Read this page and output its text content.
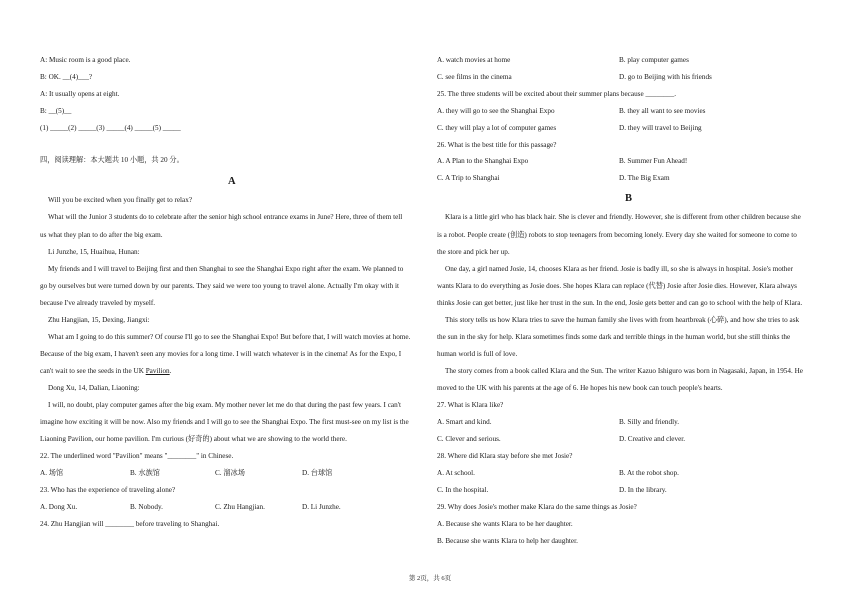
A: Music room is a good place.
B: OK. __(4)___?
A: It usually opens at eight.
B: __(5)__
(1) _____(2) _____(3) _____(4) _____(5) _____
四，阅读理解：本大题共 10 小题，共 20 分。
A
Will you be excited when you finally get to relax?
What will the Junior 3 students do to celebrate after the senior high school entrance exams in June? Here, three of them tell
us what they plan to do after the big exam.
Li Junzhe, 15, Huaihua, Hunan:
My friends and I will travel to Beijing first and then Shanghai to see the Shanghai Expo right after the exam. We planned to
go by ourselves but were turned down by our parents. They said we were too young to travel alone. Actually I'm okay with it
because I've already traveled by myself.
Zhu Hangjian, 15, Dexing, Jiangxi:
What am I going to do this summer? Of course I'll go to see the Shanghai Expo! But before that, I will watch movies at home.
Because of the big exam, I haven't seen any movies for a long time. I will watch whatever is in the cinema! As for the Expo, I
can't wait to see the seeds in the UK Pavilion.
Dong Xu, 14, Dalian, Liaoning:
I will, no doubt, play computer games after the big exam. My mother never let me do that during the past few years. I can't
imagine how exciting it will be now. Also my friends and I will go to see the Shanghai Expo. The first must-see on my list is the
Liaoning Pavilion, our home pavilion. I'm curious (好奇的) about what we are showing to the world there.
22. The underlined word "Pavilion" means "________" in Chinese.
A. 场馆	B. 水族馆	C. 溜冰场	D. 台球馆
23. Who has the experience of traveling alone?
A. Dong Xu.	B. Nobody.	C. Zhu Hangjian.	D. Li Junzhe.
24. Zhu Hangjian will ________ before traveling to Shanghai.
A. watch movies at home	B. play computer games
C. see films in the cinema	D. go to Beijing with his friends
25. The three students will be excited about their summer plans because ________.
A. they will go to see the Shanghai Expo	B. they all want to see movies
C. they will play a lot of computer games	D. they will travel to Beijing
26. What is the best title for this passage?
A. A Plan to the Shanghai Expo	B. Summer Fun Ahead!
C. A Trip to Shanghai	D. The Big Exam
B
Klara is a little girl who has black hair. She is clever and friendly. However, she is different from other children because she
is a robot. People create (创造) robots to stop teenagers from becoming lonely. Every day she waited for someone to come to
the store and pick her up.
One day, a girl named Josie, 14, chooses Klara as her friend. Josie is badly ill, so she is always in hospital. Josie's mother
wants Klara to do everything as Josie does. She hopes Klara can replace (代替) Josie after Josie dies. However, Klara always
thinks Josie can get better, just like her trust in the sun. In the end, Josie gets better and can go to school with the help of Klara.
This story tells us how Klara tries to save the human family she lives with from heartbreak (心碎), and how she tries to ask
the sun in the sky for help. Klara sometimes finds some dark and terrible things in the human world, but she still thinks the
human world is full of love.
The story comes from a book called Klara and the Sun. The writer Kazuo Ishiguro was born in Nagasaki, Japan, in 1954. He
moved to the UK with his parents at the age of 6. He hopes his new book can touch people's hearts.
27. What is Klara like?
A. Smart and kind.	B. Silly and friendly.
C. Clever and serious.	D. Creative and clever.
28. Where did Klara stay before she met Josie?
A. At school.	B. At the robot shop.
C. In the hospital.	D. In the library.
29. Why does Josie's mother make Klara do the same things as Josie?
A. Because she wants Klara to be her daughter.
B. Because she wants Klara to help her daughter.
第 2页，共 6页
